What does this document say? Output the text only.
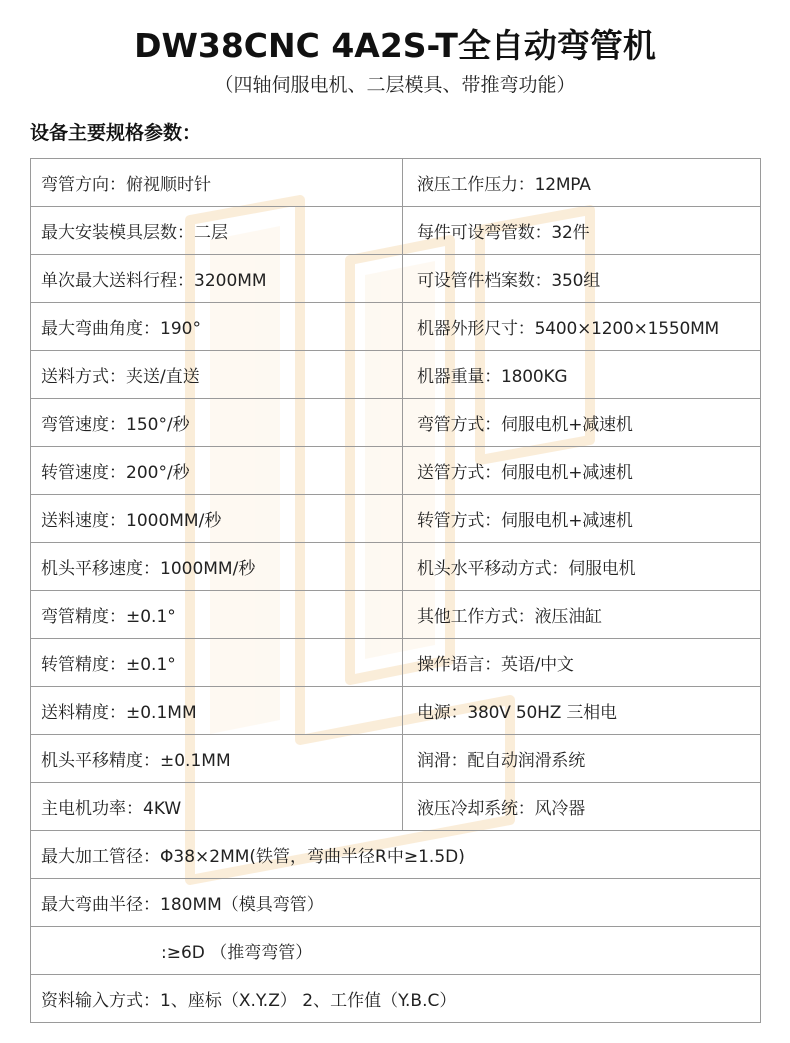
DW38CNC 4A2S-T全自动弯管机
（四轴伺服电机、二层模具、带推弯功能）
设备主要规格参数：
弯管方向：俯视顺时针	液压工作压力：12MPA
最大安装模具层数：二层	每件可设弯管数：32件
单次最大送料行程：3200MM	可设管件档案数：350组
最大弯曲角度：190°	机器外形尺寸：5400×1200×1550MM
送料方式：夹送/直送	机器重量：1800KG
弯管速度：150°/秒	弯管方式：伺服电机+减速机
转管速度：200°/秒	送管方式：伺服电机+减速机
送料速度：1000MM/秒	转管方式：伺服电机+减速机
机头平移速度：1000MM/秒	机头水平移动方式：伺服电机
弯管精度：±0.1°	其他工作方式：液压油缸
转管精度：±0.1°	操作语言：英语/中文
送料精度：±0.1MM	电源：380V 50HZ 三相电
机头平移精度：±0.1MM	润滑：配自动润滑系统
主电机功率：4KW	液压冷却系统：风冷器
最大加工管径：Φ38×2MM(铁管，弯曲半径R中≥1.5D)	
最大弯曲半径：180MM（模具弯管）	
:≥6D （推弯弯管）	
资料输入方式：1、座标（X.Y.Z） 2、工作值（Y.B.C）	
